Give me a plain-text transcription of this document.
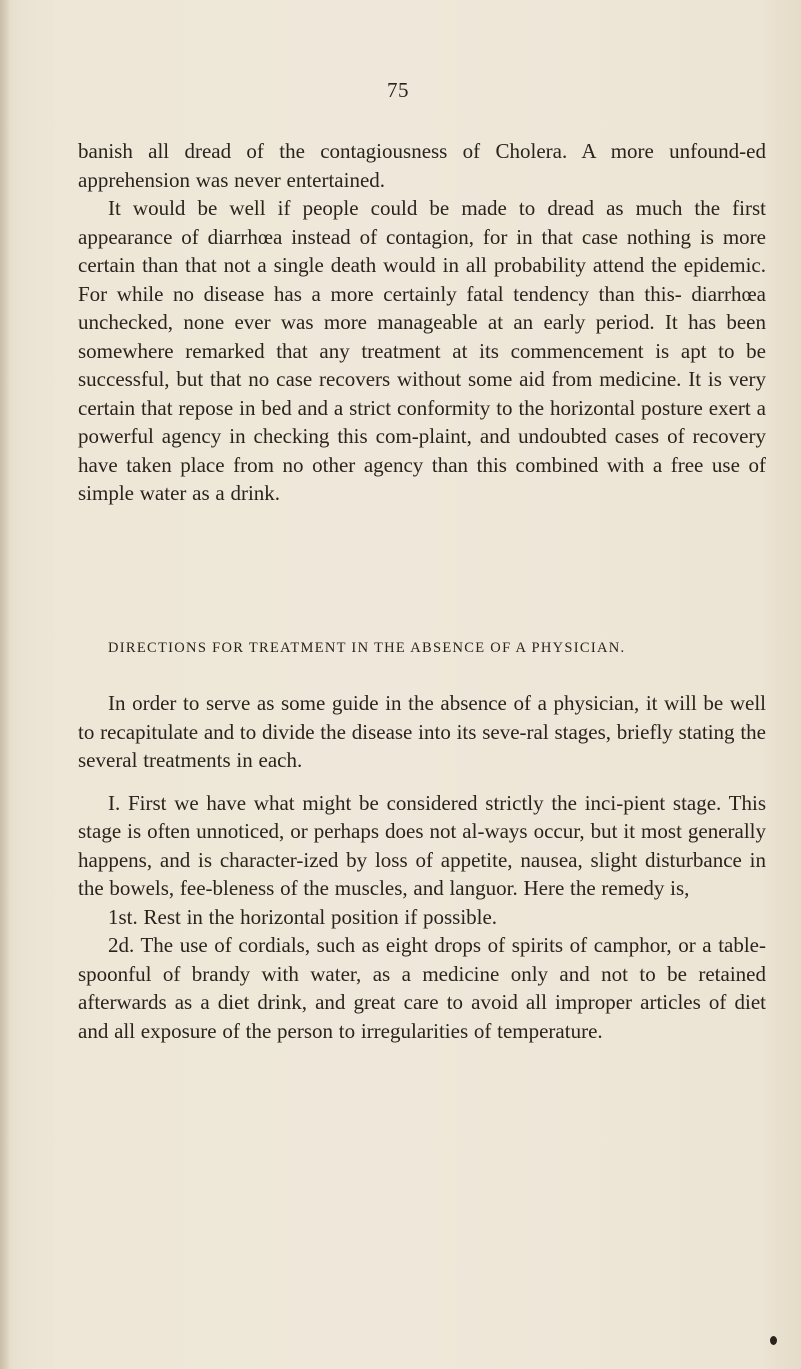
75

banish all dread of the contagiousness of Cholera. A more unfound-ed apprehension was never entertained.

It would be well if people could be made to dread as much the first appearance of diarrhœa instead of contagion, for in that case nothing is more certain than that not a single death would in all probability attend the epidemic. For while no disease has a more certainly fatal tendency than this- diarrhœa unchecked, none ever was more manageable at an early period. It has been somewhere remarked that any treatment at its commencement is apt to be successful, but that no case recovers without some aid from medicine. It is very certain that repose in bed and a strict conformity to the horizontal posture exert a powerful agency in checking this com-plaint, and undoubted cases of recovery have taken place from no other agency than this combined with a free use of simple water as a drink.

DIRECTIONS FOR TREATMENT IN THE ABSENCE OF A PHYSICIAN.

In order to serve as some guide in the absence of a physician, it will be well to recapitulate and to divide the disease into its seve-ral stages, briefly stating the several treatments in each.

I. First we have what might be considered strictly the inci-pient stage. This stage is often unnoticed, or perhaps does not al-ways occur, but it most generally happens, and is character-ized by loss of appetite, nausea, slight disturbance in the bowels, fee-bleness of the muscles, and languor. Here the remedy is,

1st. Rest in the horizontal position if possible.

2d. The use of cordials, such as eight drops of spirits of camphor, or a table-spoonful of brandy with water, as a medicine only and not to be retained afterwards as a diet drink, and great care to avoid all improper articles of diet and all exposure of the person to irregularities of temperature.
